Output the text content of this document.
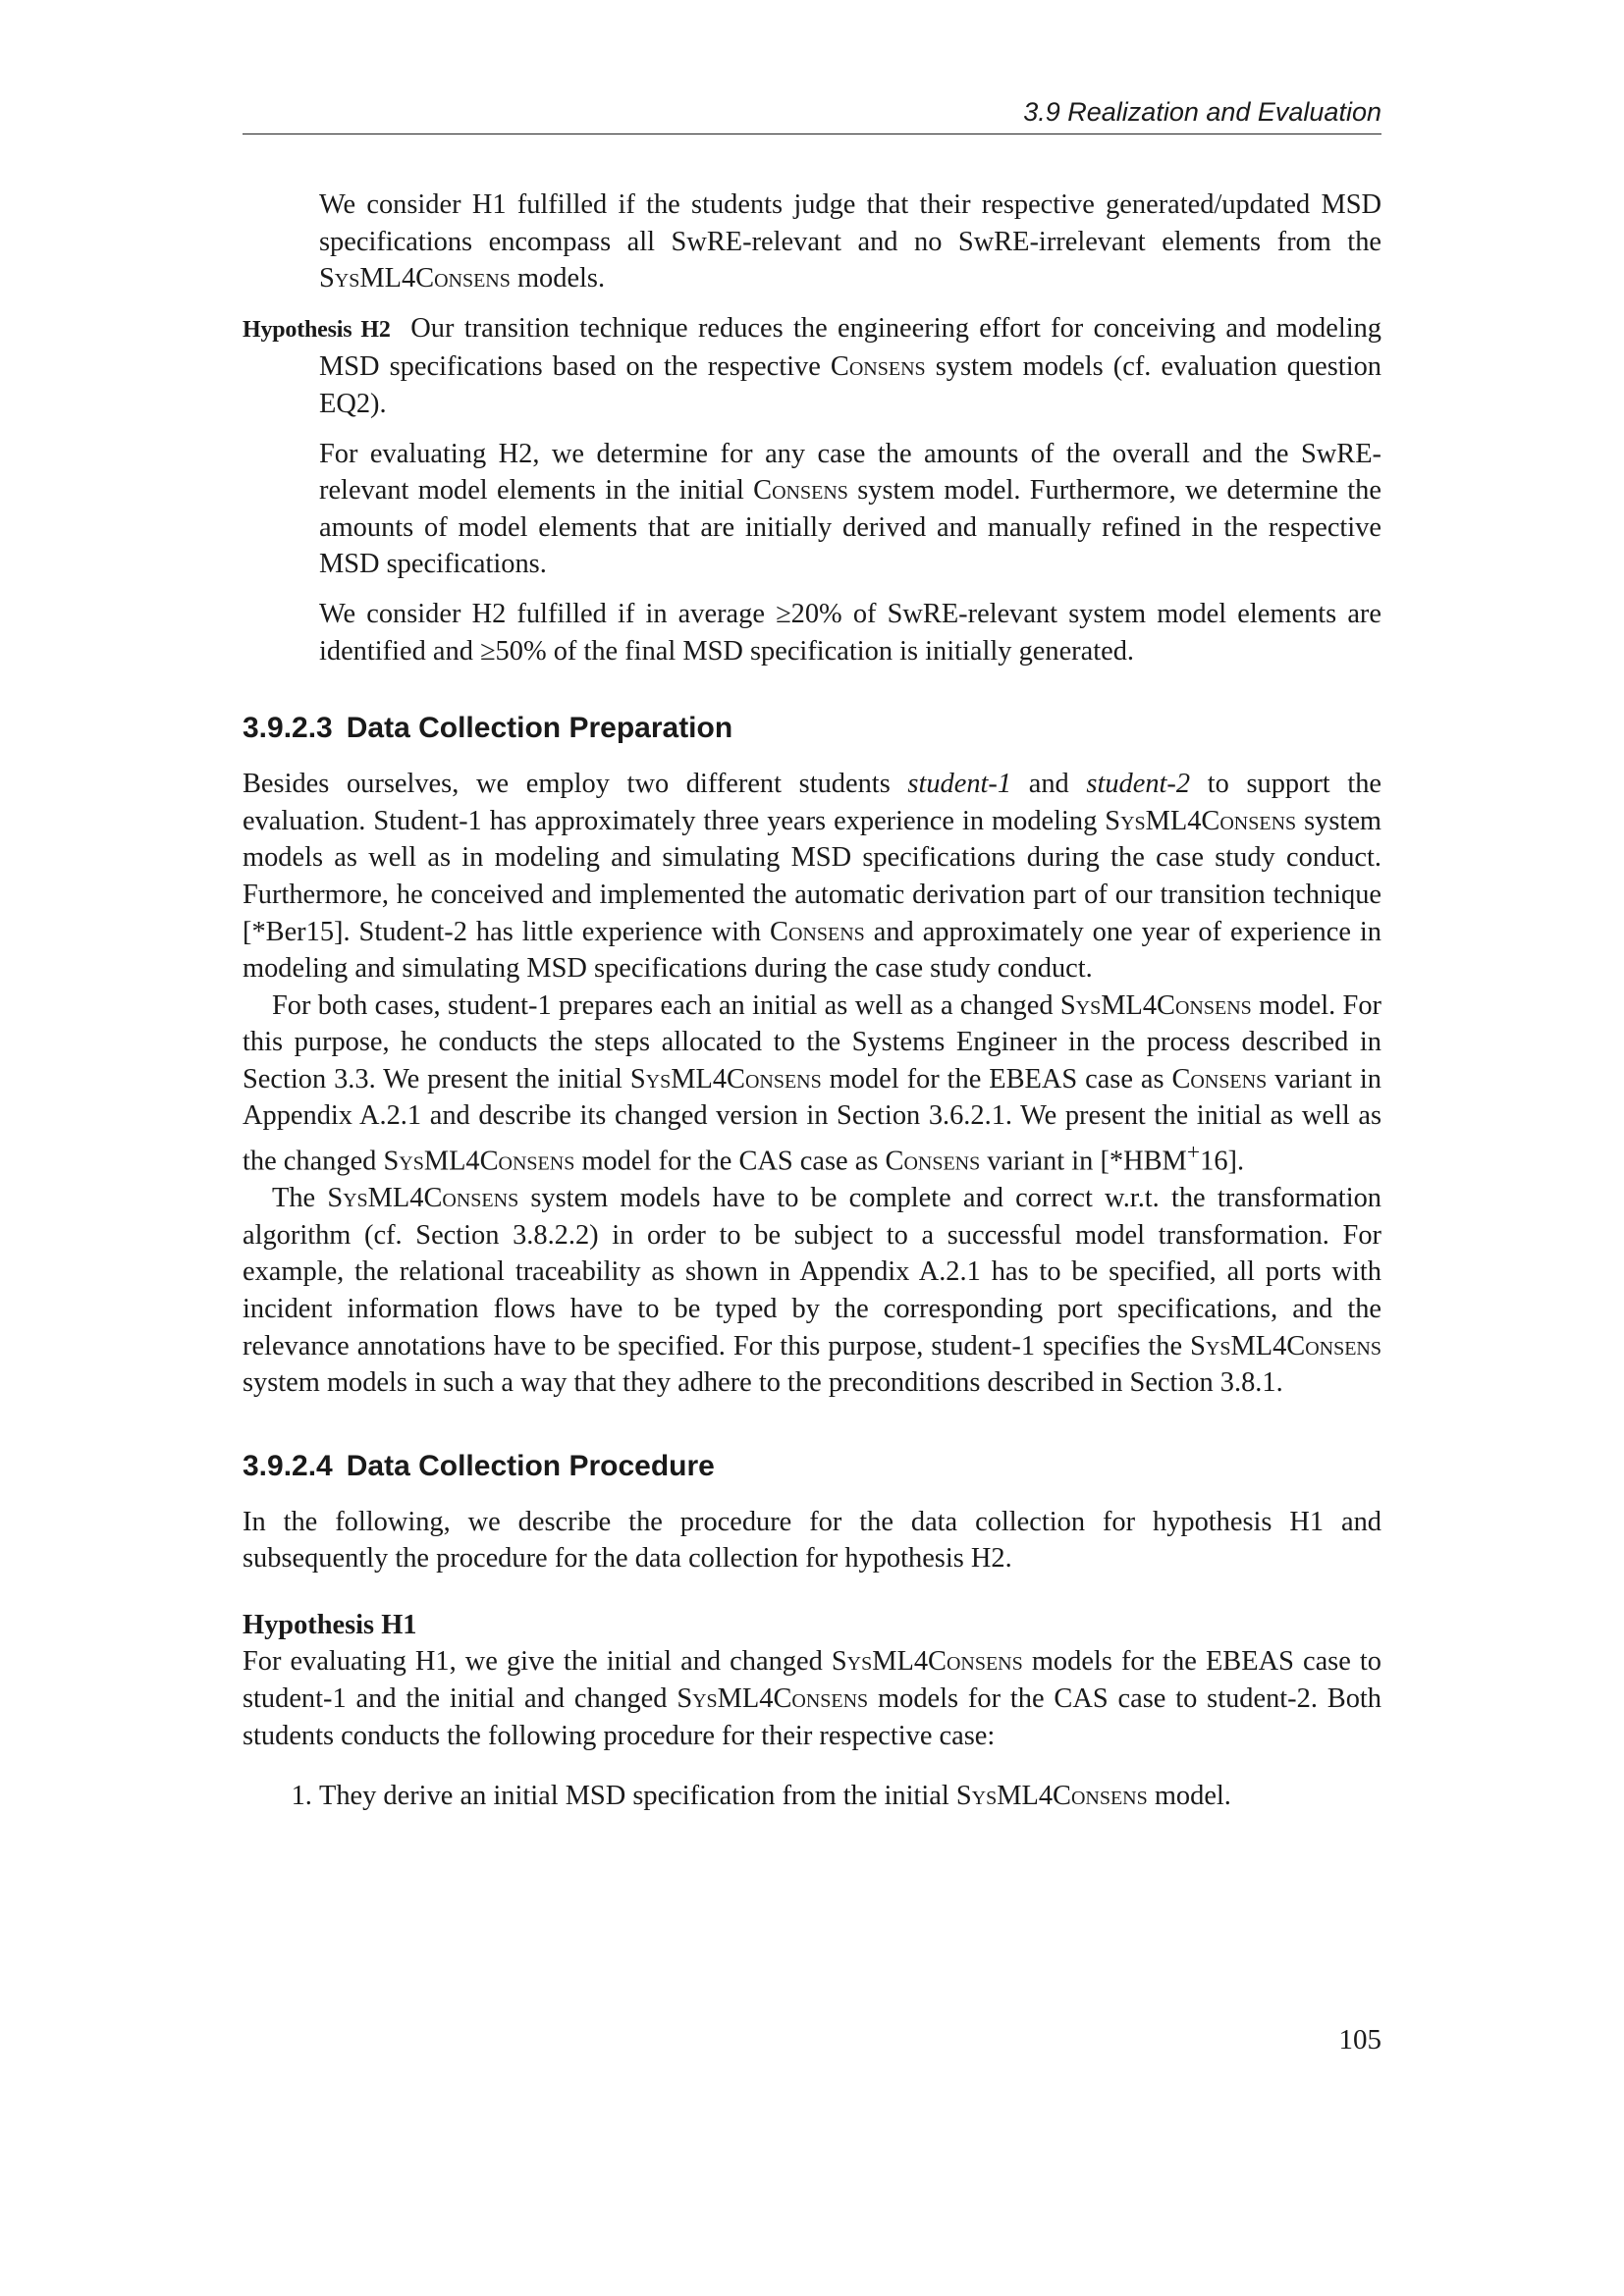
3.9 Realization and Evaluation

We consider H1 fulfilled if the students judge that their respective generated/updated MSD specifications encompass all SwRE-relevant and no SwRE-irrelevant elements from the SysML4Consens models.

Hypothesis H2 Our transition technique reduces the engineering effort for conceiving and modeling MSD specifications based on the respective Consens system models (cf. evaluation question EQ2).

For evaluating H2, we determine for any case the amounts of the overall and the SwRE-relevant model elements in the initial Consens system model. Furthermore, we determine the amounts of model elements that are initially derived and manually refined in the respective MSD specifications.

We consider H2 fulfilled if in average ≥20% of SwRE-relevant system model elements are identified and ≥50% of the final MSD specification is initially generated.

3.9.2.3 Data Collection Preparation

Besides ourselves, we employ two different students student-1 and student-2 to support the evaluation. Student-1 has approximately three years experience in modeling SysML4Consens system models as well as in modeling and simulating MSD specifications during the case study conduct. Furthermore, he conceived and implemented the automatic derivation part of our transition technique [*Ber15]. Student-2 has little experience with Consens and approximately one year of experience in modeling and simulating MSD specifications during the case study conduct.

For both cases, student-1 prepares each an initial as well as a changed SysML4Consens model. For this purpose, he conducts the steps allocated to the Systems Engineer in the process described in Section 3.3. We present the initial SysML4Consens model for the EBEAS case as Consens variant in Appendix A.2.1 and describe its changed version in Section 3.6.2.1. We present the initial as well as the changed SysML4Consens model for the CAS case as Consens variant in [*HBM+16].

The SysML4Consens system models have to be complete and correct w.r.t. the transformation algorithm (cf. Section 3.8.2.2) in order to be subject to a successful model transformation. For example, the relational traceability as shown in Appendix A.2.1 has to be specified, all ports with incident information flows have to be typed by the corresponding port specifications, and the relevance annotations have to be specified. For this purpose, student-1 specifies the SysML4Consens system models in such a way that they adhere to the preconditions described in Section 3.8.1.

3.9.2.4 Data Collection Procedure

In the following, we describe the procedure for the data collection for hypothesis H1 and subsequently the procedure for the data collection for hypothesis H2.

Hypothesis H1

For evaluating H1, we give the initial and changed SysML4Consens models for the EBEAS case to student-1 and the initial and changed SysML4Consens models for the CAS case to student-2. Both students conducts the following procedure for their respective case:

1. They derive an initial MSD specification from the initial SysML4Consens model.
105
